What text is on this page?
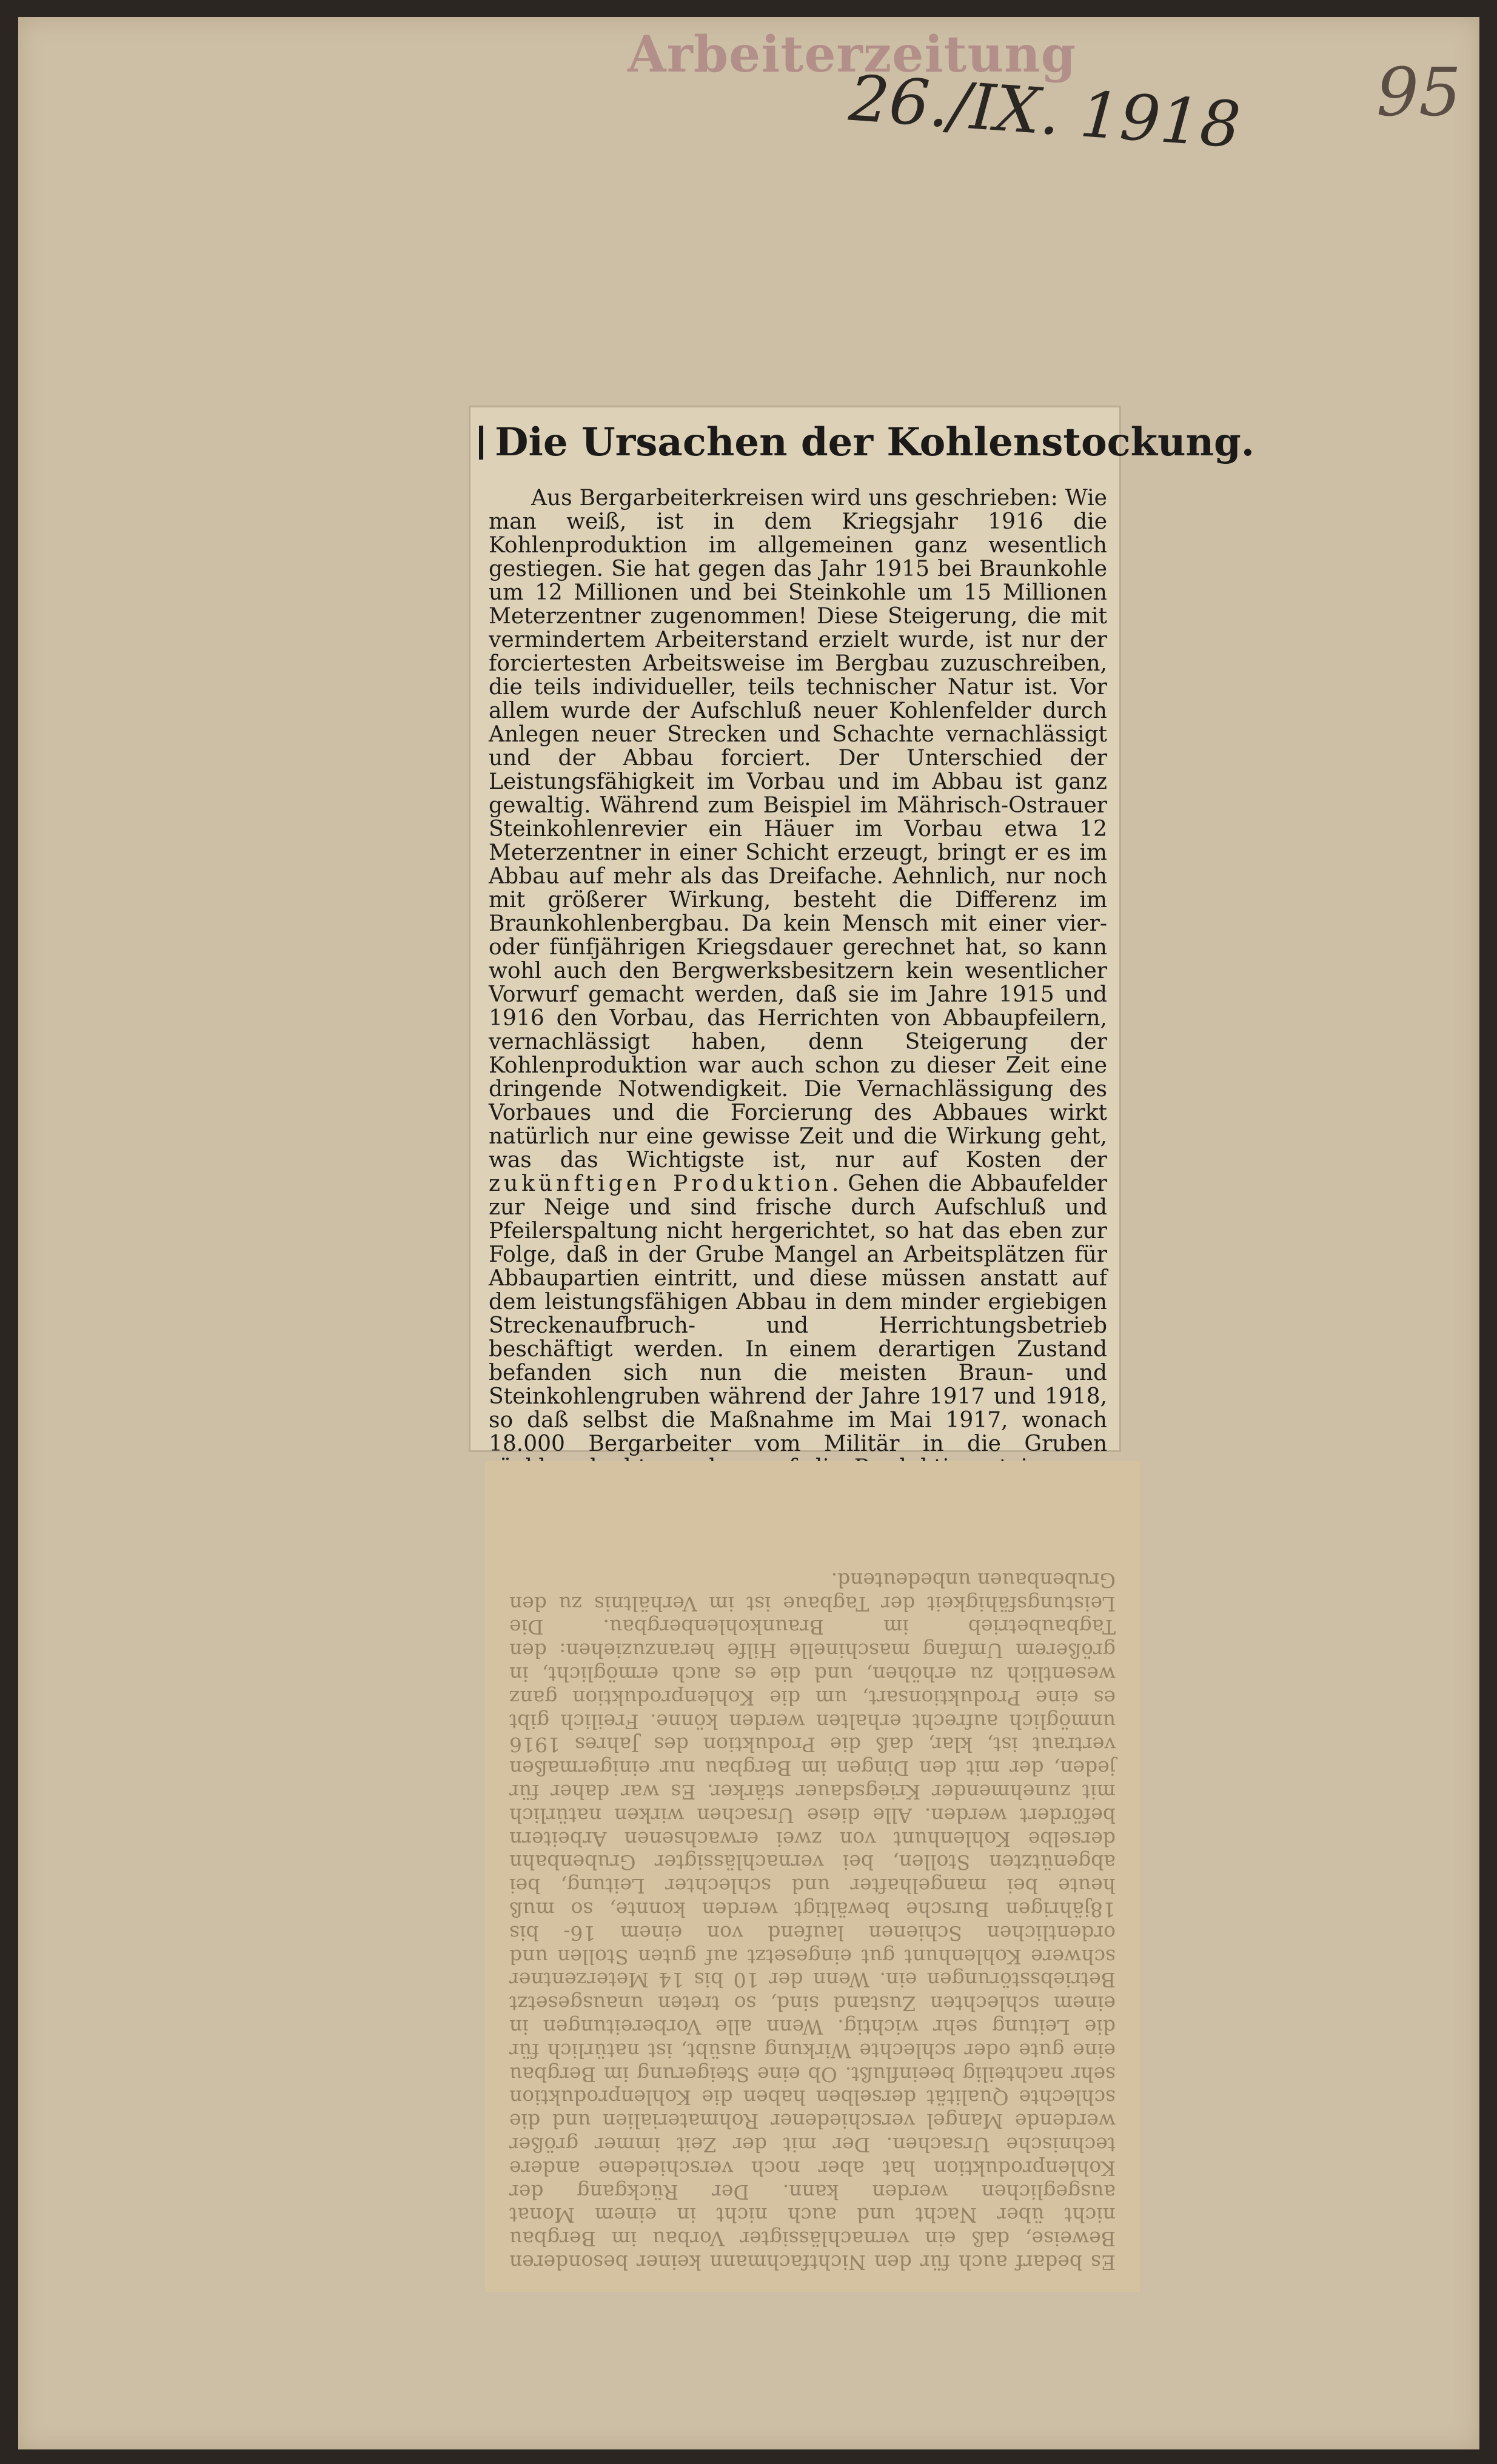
Arbeiterzeitung
26./IX. 1918 95
Die Ursachen der Kohlenstockung.
Aus Bergarbeiterkreisen wird uns geschrieben: Wie man weiß, ist in dem Kriegsjahr 1916 die Kohlenproduktion im allgemeinen ganz wesentlich gestiegen. Sie hat gegen das Jahr 1915 bei Braunkohle um 12 Millionen und bei Steinkohle um 15 Millionen Meterzentner zugenommen! Diese Steigerung, die mit vermindertem Arbeiterstand erzielt wurde, ist nur der forciertesten Arbeitsweise im Bergbau zuzuschreiben, die teils individueller, teils technischer Natur ist. Vor allem wurde der Aufschluß neuer Kohlenfelder durch Anlegen neuer Strecken und Schachte vernachlässigt und der Abbau forciert. Der Unterschied der Leistungsfähigkeit im Vorbau und im Abbau ist ganz gewaltig. Während zum Beispiel im Mährisch-Ostrauer Steinkohlenrevier ein Häuer im Vorbau etwa 12 Meterzentner in einer Schicht erzeugt, bringt er es im Abbau auf mehr als das Dreifache. Aehnlich, nur noch mit größerer Wirkung, besteht die Differenz im Braunkohlenbergbau. Da kein Mensch mit einer vier- oder fünfjährigen Kriegsdauer gerechnet hat, so kann wohl auch den Bergwerksbesitzern kein wesentlicher Vorwurf gemacht werden, daß sie im Jahre 1915 und 1916 den Vorbau, das Herrichten von Abbaupfeilern, vernachlässigt haben, denn Steigerung der Kohlenproduktion war auch schon zu dieser Zeit eine dringende Notwendigkeit. Die Vernachlässigung des Vorbaues und die Forcierung des Abbaues wirkt natürlich nur eine gewisse Zeit und die Wirkung geht, was das Wichtigste ist, nur auf Kosten der zukünftigen Produktion. Gehen die Abbaufelder zur Neige und sind frische durch Aufschluß und Pfeilerspaltung nicht hergerichtet, so hat das eben zur Folge, daß in der Grube Mangel an Arbeitsplätzen für Abbaupartien eintritt, und diese müssen anstatt auf dem leistungsfähigen Abbau in dem minder ergiebigen Streckenaufbruch- und Herrichtungsbetrieb beschäftigt werden. In einem derartigen Zustand befanden sich nun die meisten Braun- und Steinkohlengruben während der Jahre 1917 und 1918, so daß selbst die Maßnahme im Mai 1917, wonach 18.000 Bergarbeiter vom Militär in die Gruben
Es bedarf auch für den Nichtfachmann keiner besonderen Beweise, daß ein vernachlässigter Vorbau im Bergbau nicht über Nacht und auch nicht in einem Monat ausgeglichen werden kann. Der Rückgang der Kohlenproduktion hat aber noch verschiedene andere technische Ursachen. Der mit der Zeit immer größer werdende Mangel verschiedener Rohmaterialien und die schlechte Qualität derselben haben die Kohlenproduktion sehr nachteilig beeinflußt. Ob eine Steigerung im Bergbau eine gute oder schlechte Wirkung ausübt, ist natürlich für die Leitung sehr wichtig. Wenn alle Vorbereitungen in einem schlechten Zustand sind, so treten unausgesetzt Betriebsstörungen ein. Wenn der 10 bis 14 Meterzentner schwere Kohlenhunt gut eingesetzt auf guten Stollen und ordentlichen Schienen laufend von einem 16- bis 18jährigen Bursche bewältigt werden konnte, so muß heute bei mangelhafter und schlechter Leitung, bei abgenützten Stollen, bei vernachlässigter Grubenbahn derselbe Kohlenhunt von zwei erwachsenen Arbeitern befördert werden. Alle diese Ursachen wirken natürlich mit zunehmender Kriegsdauer stärker. Es war daher für jeden, der mit den Dingen im Bergbau nur einigermaßen vertraut ist, klar, daß die Produktion des Jahres 1916 unmöglich aufrecht erhalten werden könne. Freilich gibt es eine Produktionsart, um die Kohlenproduktion ganz wesentlich zu erhöhen, und die es auch ermöglicht, in größerem Umfang maschinelle Hilfe heranzuziehen: den Tagbaubetrieb im Braunkohlenbergbau. Die Leistungsfähigkeit der Tagbaue ist im Verhältnis zu den Grubenbauen unbedeutend.
